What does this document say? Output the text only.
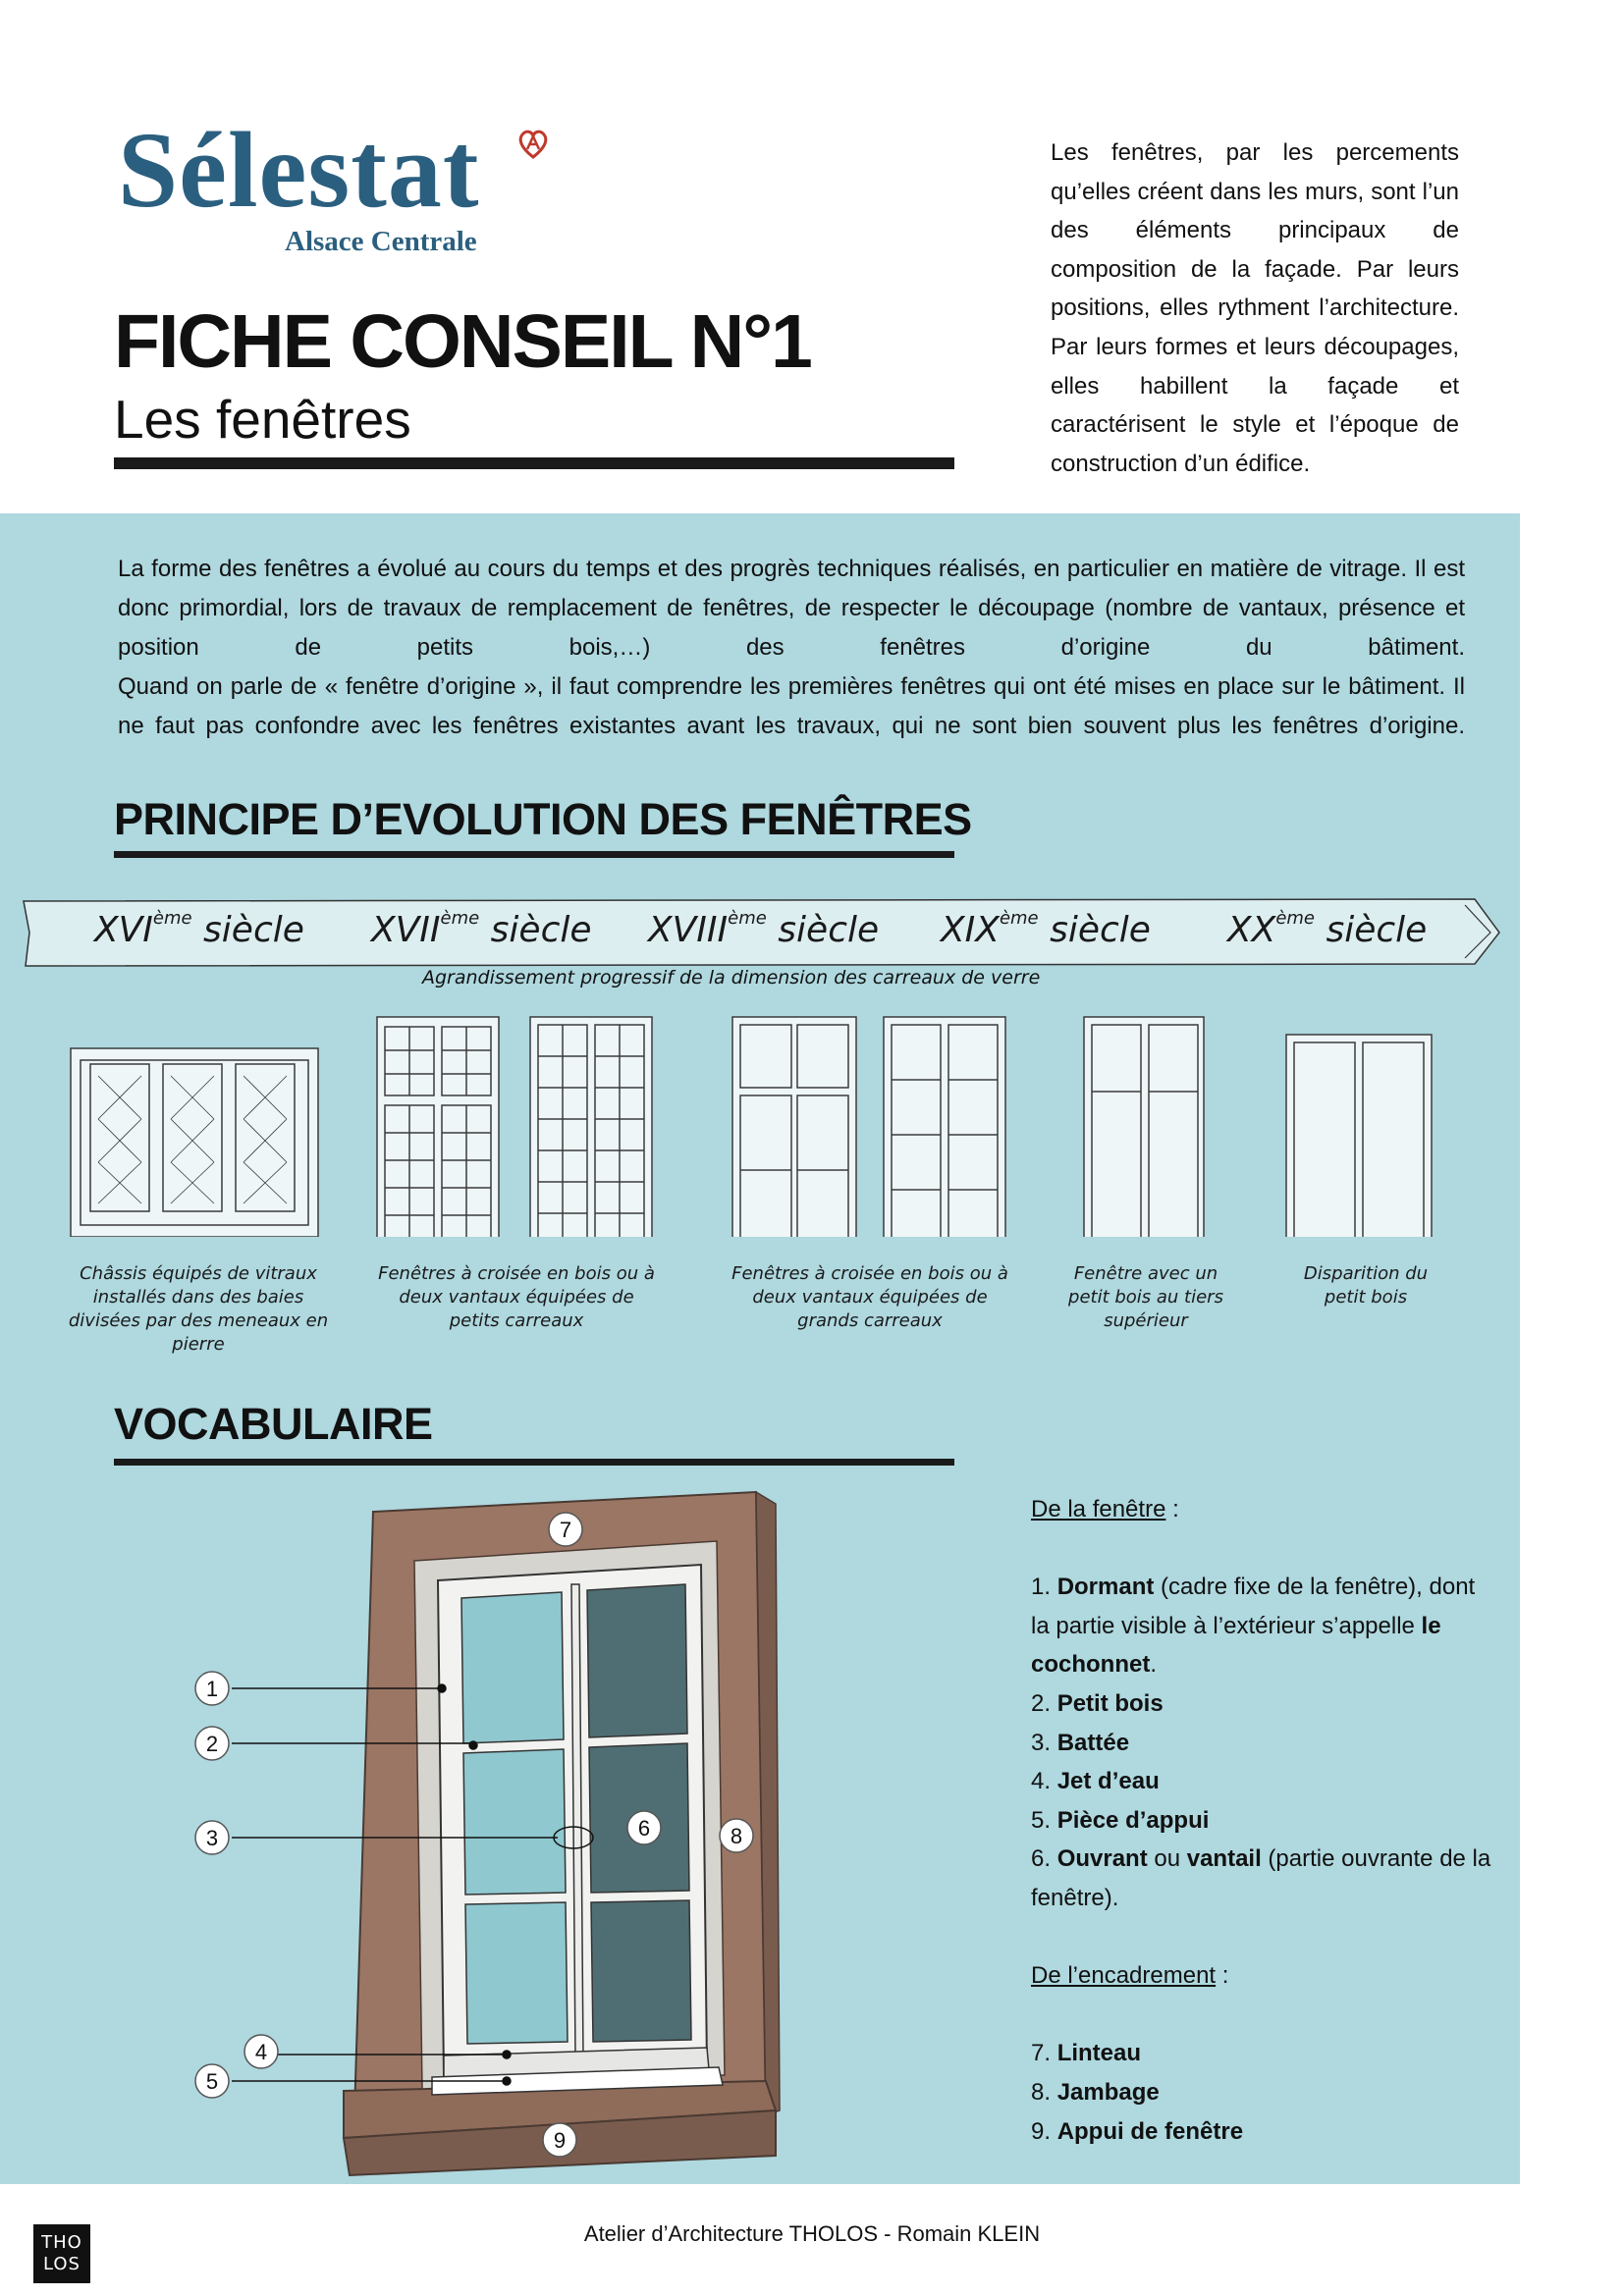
Sélestat
Alsace Centrale
FICHE CONSEIL N°1
Les fenêtres
Les fenêtres, par les percements qu’elles créent dans les murs, sont l’un des éléments principaux de composition de la façade. Par leurs positions, elles rythment l’architecture. Par leurs formes et leurs découpages, elles habillent la façade et caractérisent le style et l’époque de construction d’un édifice.
La forme des fenêtres a évolué au cours du temps et des progrès techniques réalisés, en particulier en matière de vitrage. Il est donc primordial, lors de travaux de remplacement de fenêtres, de respecter le découpage (nombre de vantaux, présence et position de petits bois,…) des fenêtres d’origine du bâtiment.
Quand on parle de « fenêtre d’origine », il faut comprendre les premières fenêtres qui ont été mises en place sur le bâtiment. Il ne faut pas confondre avec les fenêtres existantes avant les travaux, qui ne sont bien souvent plus les fenêtres d’origine.
PRINCIPE D’EVOLUTION DES FENÊTRES
XVIème siècle XVIIème siècle XVIIIème siècle XIXème siècle XXème siècle
Agrandissement progressif de la dimension des carreaux de verre
Châssis équipés de vitraux installés dans des baies divisées par des meneaux en pierre
Fenêtres à croisée en bois ou à deux vantaux équipées de petits carreaux
Fenêtres à croisée en bois ou à deux vantaux équipées de grands carreaux
Fenêtre avec un petit bois au tiers supérieur
Disparition du petit bois
VOCABULAIRE
1
2
3
4
5
6
7
8
9
De la fenêtre :
1. Dormant (cadre fixe de la fenêtre), dont la partie visible à l’extérieur s’appelle le cochonnet.
2. Petit bois
3. Battée
4. Jet d’eau
5. Pièce d’appui
6. Ouvrant ou vantail (partie ouvrante de la fenêtre).
De l’encadrement :
7. Linteau
8. Jambage
9. Appui de fenêtre
THO
LOS
Atelier d’Architecture THOLOS - Romain KLEIN
